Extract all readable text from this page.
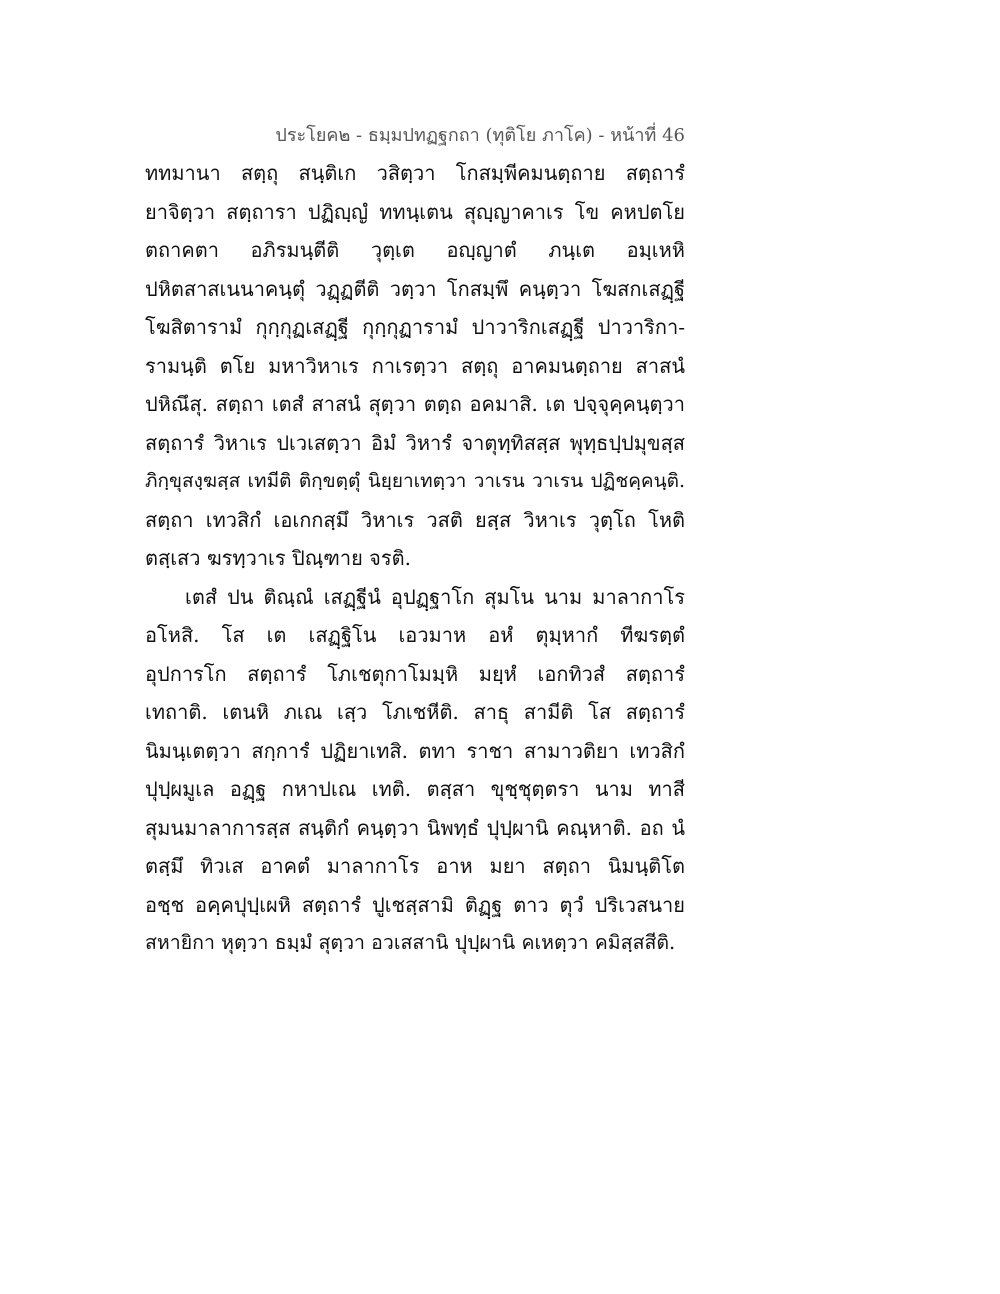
ประโยค๒ - ธมฺมปทฏฐกถา (ทุติโย ภาโค) - หน้าที่ 46
ททมานา สตฺถุ สนฺติเก วสิตฺวา โกสมฺพีคมนตฺถาย สตฺถารํ
ยาจิตฺวา สตฺถารา ปฏิญฺญํ ททนฺเตน สุญฺญาคาเร โข คหปตโย
ตถาคตา อภิรมนฺตีติ วุตฺเต อญฺญาตํ ภนฺเต อมฺเหหิ
ปหิตสาสเนนาคนฺตุํ วฏฺฏตีติ วตฺวา โกสมฺพึ คนฺตฺวา โฆสกเสฏฺฐี
โฆสิตารามํ กุกฺกุฏเสฏฺฐี กุกฺกุฏารามํ ปาวาริกเสฏฺฐี ปาวาริกา-
รามนฺติ ตโย มหาวิหาเร กาเรตฺวา สตฺถุ อาคมนตฺถาย สาสนํ
ปหิณึสุ. สตฺถา เตสํ สาสนํ สุตฺวา ตตฺถ อคมาสิ. เต ปจฺจุคฺคนฺตฺวา
สตฺถารํ วิหาเร ปเวเสตฺวา อิมํ วิหารํ จาตุทฺทิสสฺส พุทฺธปฺปมุขสฺส
ภิกฺขุสงฺฆสฺส เทมีติ ติกฺขตฺตุํ นิยฺยาเทตฺวา วาเรน วาเรน ปฏิชคฺคนฺติ.
สตฺถา เทวสิกํ เอเกกสฺมึ วิหาเร วสติ ยสฺส วิหาเร วุตฺโถ โหติ
ตสฺเสว ฆรทฺวาเร ปิณฺฑาย จรติ.
เตสํ ปน ติณฺณํ เสฏฺฐีนํ อุปฏฺฐาโก สุมโน นาม มาลากาโร
อโหสิ. โส เต เสฏฺฐิโน เอวมาห อหํ ตุมฺหากํ ทีฆรตฺตํ
อุปการโก สตฺถารํ โภเชตุกาโมมฺหิ มยฺหํ เอกทิวสํ สตฺถารํ
เทถาติ. เตนหิ ภเณ เสฺว โภเชหีติ. สาธุ สามีติ โส สตฺถารํ
นิมนฺเตตฺวา สกฺการํ ปฏิยาเทสิ. ตทา ราชา สามาวติยา เทวสิกํ
ปุปฺผมูเล อฏฺฐ กหาปเณ เทติ. ตสฺสา ขุชฺชุตฺตรา นาม ทาสี
สุมนมาลาการสฺส สนฺติกํ คนฺตฺวา นิพทฺธํ ปุปฺผานิ คณฺหาติ. อถ นํ
ตสฺมึ ทิวเส อาคตํ มาลากาโร อาห มยา สตฺถา นิมนฺติโต
อชฺช อคฺคปุปฺเผหิ สตฺถารํ ปูเชสฺสามิ ติฏฺฐ ตาว ตุวํ ปริเวสนาย
สหายิกา หุตฺวา ธมฺมํ สุตฺวา อวเสสานิ ปุปฺผานิ คเหตฺวา คมิสฺสสีติ.
